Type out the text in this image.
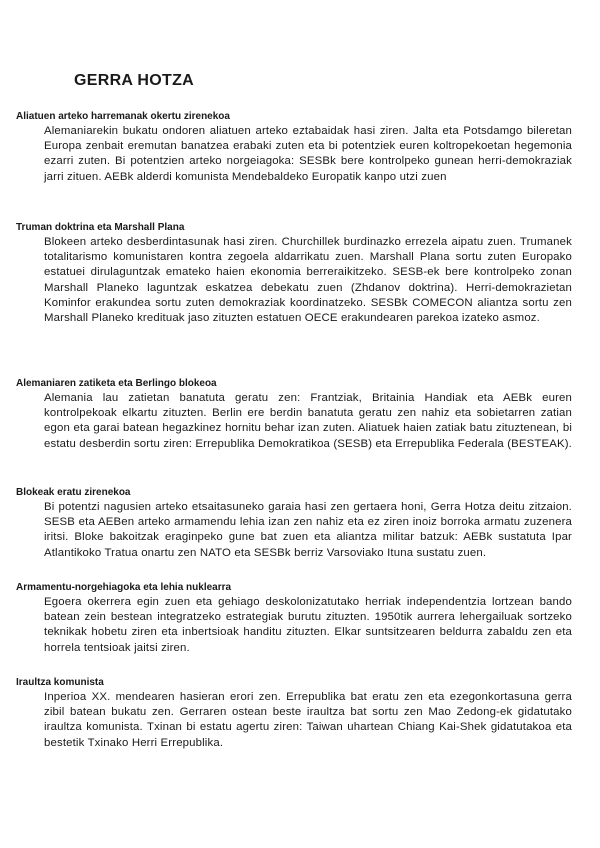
GERRA HOTZA
Aliatuen arteko harremanak okertu zirenekoa

Alemaniarekin bukatu ondoren aliatuen arteko eztabaidak hasi ziren. Jalta eta Potsdamgo bileretan Europa zenbait eremutan banatzea erabaki zuten eta bi potentziek euren koltropekoetan hegemonia ezarri zuten. Bi potentzien arteko norgeiagoka: SESBk bere kontrolpeko gunean herri-demokraziak jarri zituen. AEBk alderdi komunista Mendebaldeko Europatik kanpo utzi zuen

Truman doktrina eta Marshall Plana

Blokeen arteko desberdintasunak hasi ziren. Churchillek burdinazko errezela aipatu zuen. Trumanek totalitarismo komunistaren kontra zegoela aldarrikatu zuen. Marshall Plana sortu zuten Europako estatuei dirulaguntzak emateko haien ekonomia berreraikitzeko. SESB-ek bere kontrolpeko zonan Marshall Planeko laguntzak eskatzea debekatu zuen (Zhdanov doktrina). Herri-demokrazietan Kominfor erakundea sortu zuten demokraziak koordinatzeko. SESBk COMECON aliantza sortu zen Marshall Planeko kredituak jaso zituzten estatuen OECE erakundearen parekoa izateko asmoz.

Alemaniaren zatiketa eta Berlingo blokeoa

Alemania lau zatietan banatuta geratu zen: Frantziak, Britainia Handiak eta AEBk euren kontrolpekoak elkartu zituzten. Berlin ere berdin banatuta geratu zen nahiz eta sobietarren zatian egon eta garai batean hegazkinez hornitu behar izan zuten. Aliatuek haien zatiak batu zituztenean, bi estatu desberdin sortu ziren: Errepublika Demokratikoa (SESB) eta Errepublika Federala (BESTEAK).

Blokeak eratu zirenekoa

Bi potentzi nagusien arteko etsaitasuneko garaia hasi zen gertaera honi, Gerra Hotza deitu zitzaion. SESB eta AEBen arteko armamendu lehia izan zen nahiz eta ez ziren inoiz borroka armatu zuzenera iritsi. Bloke bakoitzak eraginpeko gune bat zuen eta aliantza militar batzuk: AEBk sustatuta Ipar Atlantikoko Tratua onartu zen NATO eta SESBk berriz Varsoviako Ituna sustatu zuen.

Armamentu-norgehiagoka eta lehia nuklearra

Egoera okerrera egin zuen eta gehiago deskolonizatutako herriak independentzia lortzean bando batean zein bestean integratzeko estrategiak burutu zituzten. 1950tik aurrera lehergailuak sortzeko teknikak hobetu ziren eta inbertsioak handitu zituzten. Elkar suntsitzearen beldurra zabaldu zen eta horrela tentsioak jaitsi ziren.

Iraultza komunista

Inperioa XX. mendearen hasieran erori zen. Errepublika bat eratu zen eta ezegonkortasuna gerra zibil batean bukatu zen. Gerraren ostean beste iraultza bat sortu zen Mao Zedong-ek gidatutako iraultza komunista. Txinan bi estatu agertu ziren: Taiwan uhartean Chiang Kai-Shek gidatutakoa eta bestetik Txinako Herri Errepublika.
